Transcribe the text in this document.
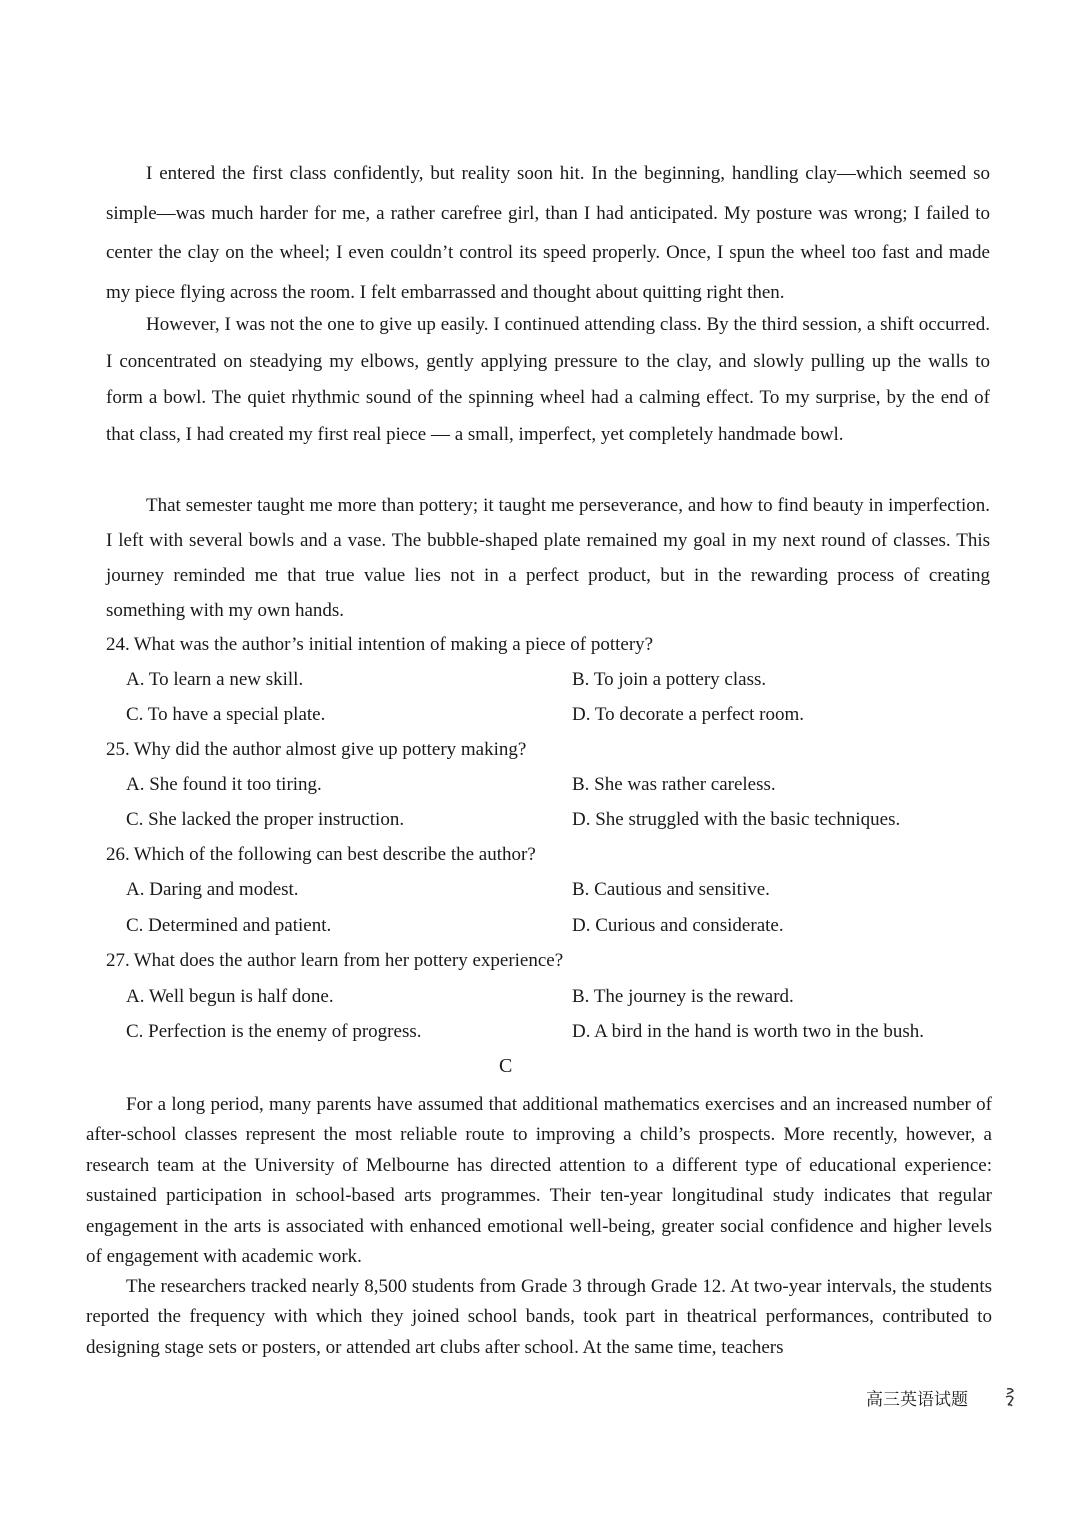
I entered the first class confidently, but reality soon hit. In the beginning, handling clay—which seemed so simple—was much harder for me, a rather carefree girl, than I had anticipated. My posture was wrong; I failed to center the clay on the wheel; I even couldn’t control its speed properly. Once, I spun the wheel too fast and made my piece flying across the room. I felt embarrassed and thought about quitting right then.

However, I was not the one to give up easily. I continued attending class. By the third session, a shift occurred. I concentrated on steadying my elbows, gently applying pressure to the clay, and slowly pulling up the walls to form a bowl. The quiet rhythmic sound of the spinning wheel had a calming effect. To my surprise, by the end of that class, I had created my first real piece — a small, imperfect, yet completely handmade bowl.

That semester taught me more than pottery; it taught me perseverance, and how to find beauty in imperfection. I left with several bowls and a vase. The bubble-shaped plate remained my goal in my next round of classes. This journey reminded me that true value lies not in a perfect product, but in the rewarding process of creating something with my own hands.

24. What was the author’s initial intention of making a piece of pottery?

A. To learn a new skill.	B. To join a pottery class.

C. To have a special plate.	D. To decorate a perfect room.

25. Why did the author almost give up pottery making?

A. She found it too tiring.	B. She was rather careless.

C. She lacked the proper instruction.	D. She struggled with the basic techniques.

26. Which of the following can best describe the author?

A. Daring and modest.	B. Cautious and sensitive.

C. Determined and patient.	D. Curious and considerate.

27. What does the author learn from her pottery experience?

A. Well begun is half done.	B. The journey is the reward.

C. Perfection is the enemy of progress.	D. A bird in the hand is worth two in the bush.

C

For a long period, many parents have assumed that additional mathematics exercises and an increased number of after-school classes represent the most reliable route to improving a child’s prospects. More recently, however, a research team at the University of Melbourne has directed attention to a different type of educational experience: sustained participation in school-based arts programmes. Their ten-year longitudinal study indicates that regular engagement in the arts is associated with enhanced emotional well-being, greater social confidence and higher levels of engagement with academic work.

The researchers tracked nearly 8,500 students from Grade 3 through Grade 12. At two-year intervals, the students reported the frequency with which they joined school bands, took part in theatrical performances, contributed to designing stage sets or posters, or attended art clubs after school. At the same time, teachers

高三英语试题
